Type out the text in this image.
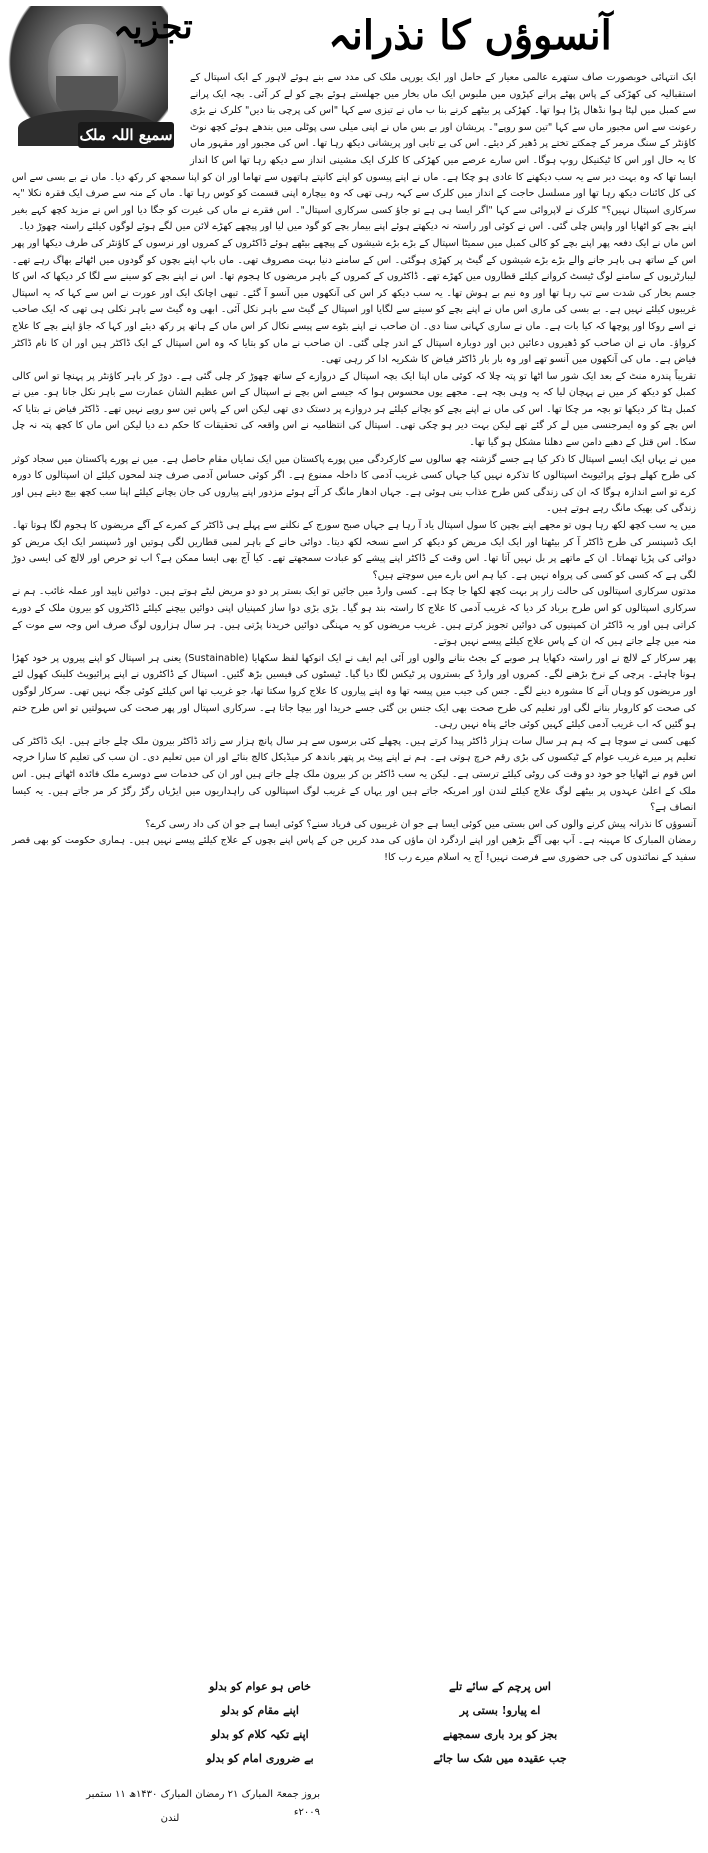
تجزیہ
سمیع اللہ ملک
آنسوؤں کا نذرانہ

ایک انتہائی خوبصورت صاف ستھرے عالمی معیار کے حامل اور ایک یورپی ملک کی مدد سے بنے ہوئے لاہور کے ایک اسپتال کے استقبالیہ کی کھڑکی کے پاس پھٹے پرانے کپڑوں میں ملبوس ایک ماں بخار میں جھلستے ہوئے بچے کو لے کر آئی۔ بچہ ایک پرانے سے کمبل میں لپٹا ہوا نڈھال پڑا ہوا تھا۔ کھڑکی پر بیٹھے کرنے بنا ب ماں نے تیزی سے کہا "اس کی پرچی بنا دیں" کلرک نے بڑی رعونت سے اس مجبور ماں سے کہا "تین سو روپے"۔ پریشان اور بے بس ماں نے اپنی میلی سی پوٹلی میں بندھے ہوئے کچھ نوٹ کاؤنٹر کے سنگ مرمر کے چمکتے تختے پر ڈھیر کر دیئے۔ اس کی بے تابی اور پریشانی دیکھ رہا تھا۔ اس کی مجبور اور مقہور ماں کا یہ حال اور اس کا ٹیکنیکل روپ ہوگا۔ اس سارے عرصے میں کھڑکی کا کلرک ایک مشینی انداز سے دیکھ رہا تھا اس کا انداز ایسا تھا کہ وہ بہت دیر سے یہ سب دیکھنے کا عادی ہو چکا ہے۔ ماں نے اپنے پیسوں کو اپنے کانپتے ہاتھوں سے تھاما اور ان کو اپنا سمجھ کر رکھ دیا۔ ماں نے بے بسی سے اس کی کل کائنات دیکھ رہا تھا اور مسلسل حاجت کے انداز میں کلرک سے کہہ رہی تھی کہ وہ بیچارہ اپنی قسمت کو کوس رہا تھا۔ ماں کے منہ سے صرف ایک فقرہ نکلا "یہ سرکاری اسپتال نہیں؟" کلرک نے لاپروائی سے کہا "اگر ایسا ہی ہے تو جاؤ کسی سرکاری اسپتال"۔ اس فقرے نے ماں کی غیرت کو جگا دیا اور اس نے مزید کچھ کہے بغیر اپنے بچے کو اٹھایا اور واپس چلی گئی۔ اس نے کوئی اور راستہ نہ دیکھتے ہوئے اپنے بیمار بچے کو گود میں لیا اور پیچھے کھڑے لائن میں لگے ہوئے لوگوں کیلئے راستہ چھوڑ دیا۔

اس ماں نے ایک دفعہ پھر اپنے بچے کو کالی کمبل میں سمیٹا اسپتال کے بڑے بڑے شیشوں کے پیچھے بیٹھے ہوئے ڈاکٹروں کے کمروں اور نرسوں کے کاؤنٹر کی طرف دیکھا اور پھر اس کے ساتھ ہی باہر جانے والے بڑے بڑے شیشوں کے گیٹ پر کھڑی ہوگئی۔ اس کے سامنے دنیا بہت مصروف تھی۔ ماں باپ اپنے بچوں کو گودوں میں اٹھائے بھاگ رہے تھے۔ لیبارٹریوں کے سامنے لوگ ٹیسٹ کروانے کیلئے قطاروں میں کھڑے تھے۔ ڈاکٹروں کے کمروں کے باہر مریضوں کا ہجوم تھا۔ اس نے اپنے بچے کو سینے سے لگا کر دیکھا کہ اس کا جسم بخار کی شدت سے تپ رہا تھا اور وہ نیم بے ہوش تھا۔ یہ سب دیکھ کر اس کی آنکھوں میں آنسو آ گئے۔ تبھی اچانک ایک اور عورت نے اس سے کہا کہ یہ اسپتال غریبوں کیلئے نہیں ہے۔ بے بسی کی ماری اس ماں نے اپنے بچے کو سینے سے لگایا اور اسپتال کے گیٹ سے باہر نکل آئی۔ ابھی وہ گیٹ سے باہر نکلی ہی تھی کہ ایک صاحب نے اسے روکا اور پوچھا کہ کیا بات ہے۔ ماں نے ساری کہانی سنا دی۔ ان صاحب نے اپنے بٹوے سے پیسے نکال کر اس ماں کے ہاتھ پر رکھ دیئے اور کہا کہ جاؤ اپنے بچے کا علاج کرواؤ۔ ماں نے ان صاحب کو ڈھیروں دعائیں دیں اور دوبارہ اسپتال کے اندر چلی گئی۔ ان صاحب نے ماں کو بتایا کہ وہ اس اسپتال کے ایک ڈاکٹر ہیں اور ان کا نام ڈاکٹر فیاض ہے۔ ماں کی آنکھوں میں آنسو تھے اور وہ بار بار ڈاکٹر فیاض کا شکریہ ادا کر رہی تھی۔

تقریباً پندرہ منٹ کے بعد ایک شور سا اٹھا تو پتہ چلا کہ کوئی ماں اپنا ایک بچہ اسپتال کے دروازے کے ساتھ چھوڑ کر چلی گئی ہے۔ دوڑ کر باہر کاؤنٹر پر پہنچا تو اس کالی کمبل کو دیکھ کر میں نے پہچان لیا کہ یہ وہی بچہ ہے۔ مجھے یوں محسوس ہوا کہ جیسے اس بچے نے اسپتال کے اس عظیم الشان عمارت سے باہر نکل جانا ہو۔ میں نے کمبل ہٹا کر دیکھا تو بچہ مر چکا تھا۔ اس کی ماں نے اپنے بچے کو بچانے کیلئے ہر دروازے پر دستک دی تھی لیکن اس کے پاس تین سو روپے نہیں تھے۔ ڈاکٹر فیاض نے بتایا کہ اس بچے کو وہ ایمرجنسی میں لے کر گئے تھے لیکن بہت دیر ہو چکی تھی۔ اسپتال کی انتظامیہ نے اس واقعہ کی تحقیقات کا حکم دے دیا لیکن اس ماں کا کچھ پتہ نہ چل سکا۔ اس قتل کے دھبے دامن سے دھلنا مشکل ہو گیا تھا۔

میں نے یہاں ایک ایسے اسپتال کا ذکر کیا ہے جسے گزشتہ چھ سالوں سے کارکردگی میں پورے پاکستان میں ایک نمایاں مقام حاصل ہے۔ میں نے پورے پاکستان میں سجاد کوثر کی طرح کھلے ہوئے پرائیویٹ اسپتالوں کا تذکرہ نہیں کیا جہاں کسی غریب آدمی کا داخلہ ممنوع ہے۔ اگر کوئی حساس آدمی صرف چند لمحوں کیلئے ان اسپتالوں کا دورہ کرے تو اسے اندازہ ہوگا کہ ان کی زندگی کس طرح عذاب بنی ہوئی ہے۔ جہاں ادھار مانگ کر آئے ہوئے مزدور اپنے پیاروں کی جان بچانے کیلئے اپنا سب کچھ بیچ دیتے ہیں اور زندگی کی بھیک مانگ رہے ہوتے ہیں۔

میں یہ سب کچھ لکھ رہا ہوں تو مجھے اپنے بچپن کا سول اسپتال یاد آ رہا ہے جہاں صبح سورج کے نکلنے سے پہلے ہی ڈاکٹر کے کمرے کے آگے مریضوں کا ہجوم لگا ہوتا تھا۔ ایک ڈسپنسر کی طرح ڈاکٹر آ کر بیٹھتا اور ایک ایک مریض کو دیکھ کر اسے نسخہ لکھ دیتا۔ دوائی خانے کے باہر لمبی قطاریں لگی ہوتیں اور ڈسپنسر ایک ایک مریض کو دوائی کی پڑیا تھماتا۔ ان کے ماتھے پر بل نہیں آتا تھا۔ اس وقت کے ڈاکٹر اپنے پیشے کو عبادت سمجھتے تھے۔ کیا آج بھی ایسا ممکن ہے؟ اب تو حرص اور لالچ کی ایسی دوڑ لگی ہے کہ کسی کو کسی کی پرواہ نہیں ہے۔ کیا ہم اس بارے میں سوچتے ہیں؟

مدتوں سرکاری اسپتالوں کی حالت زار پر بہت کچھ لکھا جا چکا ہے۔ کسی وارڈ میں جائیں تو ایک بستر پر دو دو مریض لیٹے ہوتے ہیں۔ دوائیں ناپید اور عملہ غائب۔ ہم نے سرکاری اسپتالوں کو اس طرح برباد کر دیا کہ غریب آدمی کا علاج کا راستہ بند ہو گیا۔ بڑی بڑی دوا ساز کمپنیاں اپنی دوائیں بیچنے کیلئے ڈاکٹروں کو بیرون ملک کے دورے کراتی ہیں اور یہ ڈاکٹر ان کمپنیوں کی دوائیں تجویز کرتے ہیں۔ غریب مریضوں کو یہ مہنگی دوائیں خریدنا پڑتی ہیں۔ ہر سال ہزاروں لوگ صرف اس وجہ سے موت کے منہ میں چلے جاتے ہیں کہ ان کے پاس علاج کیلئے پیسے نہیں ہوتے۔

پھر سرکار کے لالچ نے اور راستہ دکھایا ہر صوبے کے بجٹ بنانے والوں اور آئی ایم ایف نے ایک انوکھا لفظ سکھایا (Sustainable) یعنی ہر اسپتال کو اپنے پیروں پر خود کھڑا ہونا چاہئے۔ پرچی کے نرخ بڑھنے لگے۔ کمروں اور وارڈ کے بستروں پر ٹیکس لگا دیا گیا۔ ٹیسٹوں کی فیسیں بڑھ گئیں۔ اسپتال کے ڈاکٹروں نے اپنے پرائیویٹ کلینک کھول لئے اور مریضوں کو وہاں آنے کا مشورہ دینے لگے۔ جس کی جیب میں پیسہ تھا وہ اپنے پیاروں کا علاج کروا سکتا تھا، جو غریب تھا اس کیلئے کوئی جگہ نہیں تھی۔ سرکار لوگوں کی صحت کو کاروبار بنانے لگی اور تعلیم کی طرح صحت بھی ایک جنس بن گئی جسے خریدا اور بیچا جاتا ہے۔ سرکاری اسپتال اور پھر صحت کی سہولتیں تو اس طرح ختم ہو گئیں کہ اب غریب آدمی کیلئے کہیں کوئی جائے پناہ نہیں رہی۔

کبھی کسی نے سوچا ہے کہ ہم ہر سال سات ہزار ڈاکٹر پیدا کرتے ہیں۔ پچھلے کئی برسوں سے ہر سال پانچ ہزار سے زائد ڈاکٹر بیرون ملک چلے جاتے ہیں۔ ایک ڈاکٹر کی تعلیم پر میرے غریب عوام کے ٹیکسوں کی بڑی رقم خرچ ہوتی ہے۔ ہم نے اپنے پیٹ پر پتھر باندھ کر میڈیکل کالج بنائے اور ان میں تعلیم دی۔ ان سب کی تعلیم کا سارا خرچہ اس قوم نے اٹھایا جو خود دو وقت کی روٹی کیلئے ترستی ہے۔ لیکن یہ سب ڈاکٹر بن کر بیرون ملک چلے جاتے ہیں اور ان کی خدمات سے دوسرے ملک فائدہ اٹھاتے ہیں۔ اس ملک کے اعلیٰ عہدوں پر بیٹھے لوگ علاج کیلئے لندن اور امریکہ جاتے ہیں اور یہاں کے غریب لوگ اسپتالوں کی راہداریوں میں ایڑیاں رگڑ رگڑ کر مر جاتے ہیں۔ یہ کیسا انصاف ہے؟

آنسوؤں کا نذرانہ پیش کرنے والوں کی اس بستی میں کوئی ایسا ہے جو ان غریبوں کی فریاد سنے؟ کوئی ایسا ہے جو ان کی داد رسی کرے؟

رمضان المبارک کا مہینہ ہے۔ آپ بھی آگے بڑھیں اور اپنے اردگرد ان ماؤں کی مدد کریں جن کے پاس اپنے بچوں کے علاج کیلئے پیسے نہیں ہیں۔ ہماری حکومت کو بھی قصر سفید کے نمائندوں کی جی حضوری سے فرصت نہیں! آج یہ اسلام میرے رب کا!

اس پرچم کے سائے تلے
خاص ہو عوام کو بدلو
اے پیارو! بستی پر
اپنے مقام کو بدلو
بجز کو برد باری سمجھنے
اپنے تکیہ کلام کو بدلو
جب عقیدہ میں شک سا جائے
بے ضروری امام کو بدلو
بروز جمعۃ المبارک ۲۱ رمضان المبارک ۱۴۳۰ھ ۱۱ ستمبر ۲۰۰۹ء
لندن
